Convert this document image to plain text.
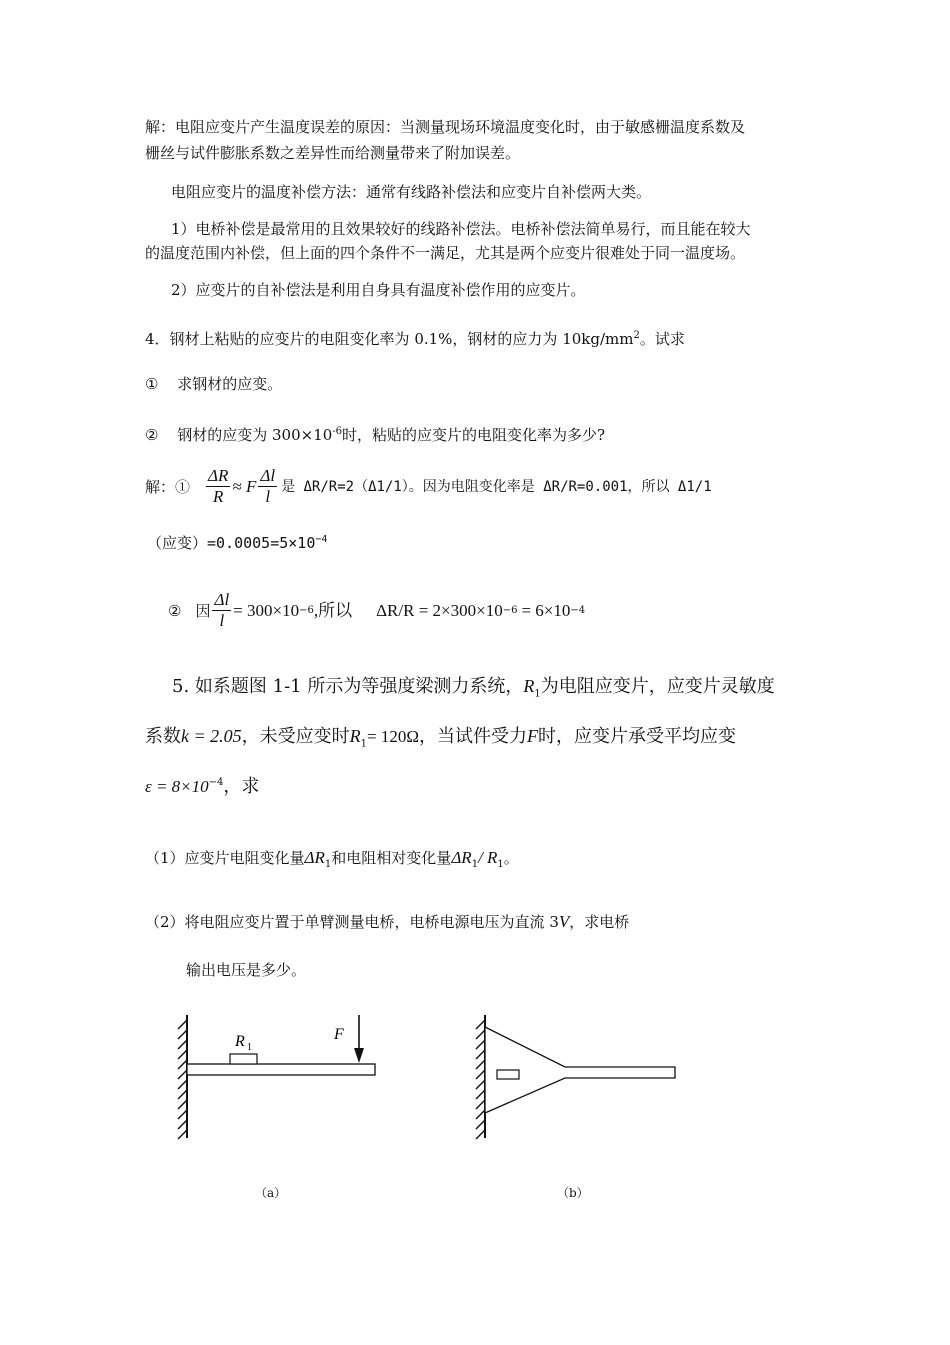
解：电阻应变片产生温度误差的原因：当测量现场环境温度变化时，由于敏感栅温度系数及
栅丝与试件膨胀系数之差异性而给测量带来了附加误差。
电阻应变片的温度补偿方法：通常有线路补偿法和应变片自补偿两大类。
1）电桥补偿是最常用的且效果较好的线路补偿法。电桥补偿法简单易行，而且能在较大
的温度范围内补偿，但上面的四个条件不一满足，尤其是两个应变片很难处于同一温度场。
2）应变片的自补偿法是利用自身具有温度补偿作用的应变片。
4．钢材上粘贴的应变片的电阻变化率为 0.1%，钢材的应力为 $10kg/mm^2$。试求
① 求钢材的应变。
② 钢材的应变为 $300\times 10^{-6}$时，粘贴的应变片的电阻变化率为多少?
解：① $\frac{\Delta R}{R} \approx F \frac{\Delta l}{l}$ 是 ΔR/R=2（Δ1/1）。因为电阻变化率是 ΔR/R=0.001，所以 Δ1/1
（应变）$=0.0005=5\times 10^{-4}$
② 因 $\frac{\Delta l}{l} = 300\times 10 -6$ ,所以 ΔR/R = 2×300×10 −6 = 6×10 −4
5. 如系题图 1-1 所示为等强度梁测力系统，$R_1$为电阻应变片，应变片灵敏度
系数k = 2.05，未受应变时$R_1= 120\Omega$，当试件受力F时，应变片承受平均应变
$\varepsilon = 8\times 10^{-4}$，求
（1）应变片电阻变化量$\Delta R_1$和电阻相对变化量$\Delta R_1/$ $R_1$。
（2）将电阻应变片置于单臂测量电桥，电桥电源电压为直流 3V，求电桥
输出电压是多少。
R 1
F
（a）	（b）
